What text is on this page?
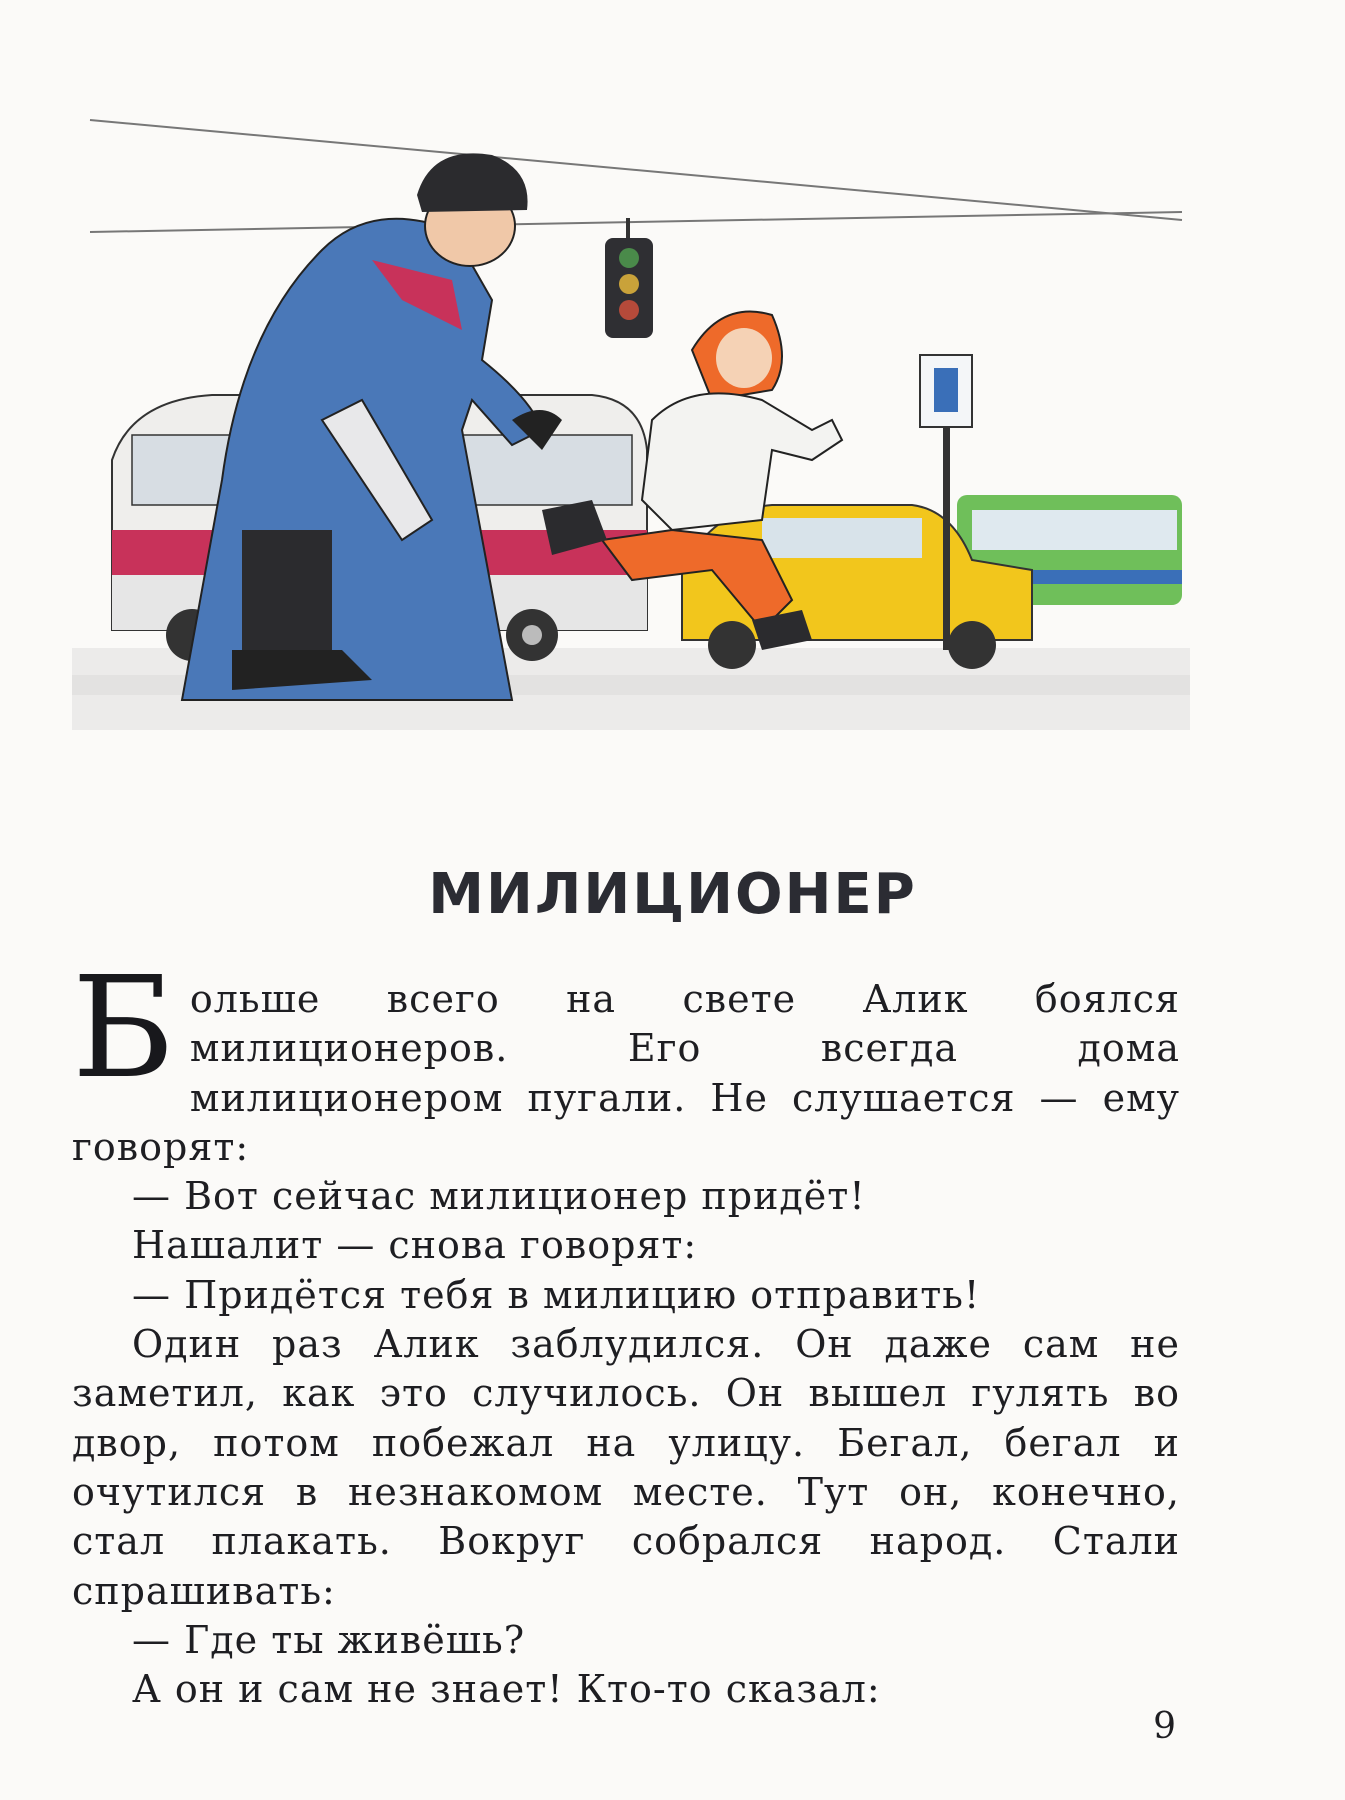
МИЛИЦИОНЕР

Больше всего на свете Алик боялся милиционеров. Его всегда дома милиционером пугали. Не слушается — ему говорят:

— Вот сейчас милиционер придёт!

Нашалит — снова говорят:

— Придётся тебя в милицию отправить!

Один раз Алик заблудился. Он даже сам не заметил, как это случилось. Он вышел гулять во двор, потом побежал на улицу. Бегал, бегал и очутился в незнакомом месте. Тут он, конечно, стал плакать. Вокруг собрался народ. Стали спрашивать:

— Где ты живёшь?

А он и сам не знает! Кто-то сказал:

9
